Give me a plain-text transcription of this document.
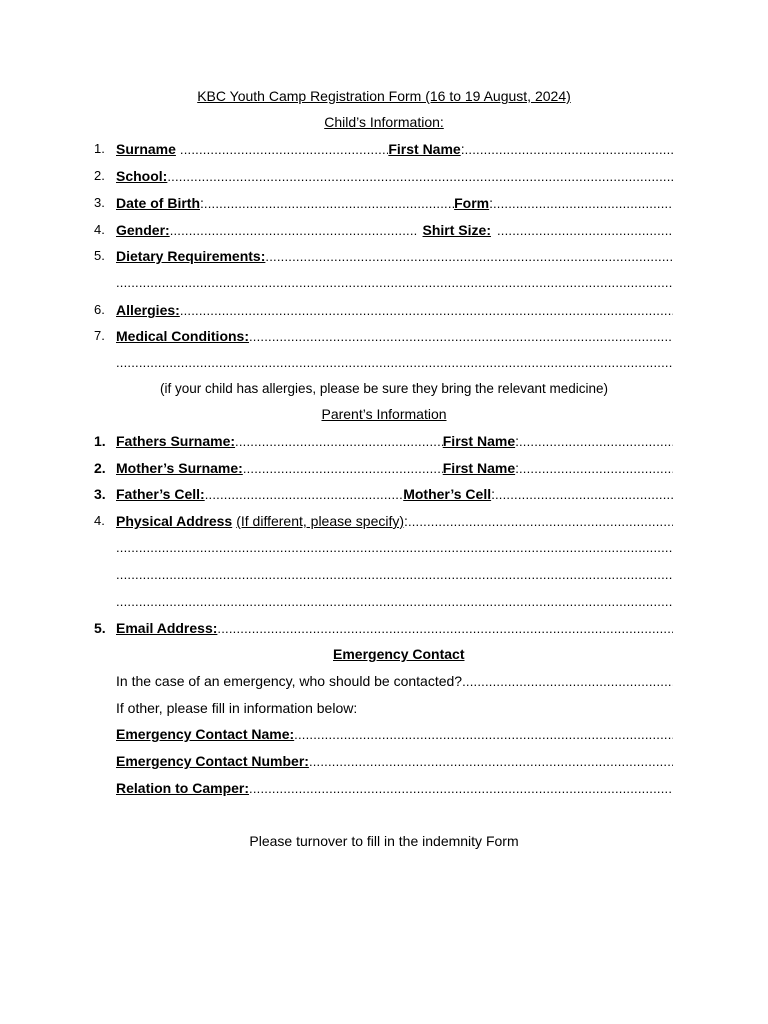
KBC Youth Camp Registration Form (16 to 19 August, 2024)
Child’s Information:
1. Surname .....	First Name :
.....
2. School:
.....
3. Date of Birth : .....	Form :
.....
4. Gender: .....	Shirt Size:
.....
5. Dietary Requirements:
.....
.....
6. Allergies:
.....
7. Medical Conditions:
.....
.....
(if your child has allergies, please be sure they bring the relevant medicine)
Parent’s Information
1. Fathers Surname: .....	First Name :
.....
2. Mother’s Surname: .....	First Name :
.....
3. Father’s Cell: .....	Mother’s Cell :
.....
4. Physical Address (If different, please specify) :
.....
.....
.....
.....
5. Email Address:
.....
Emergency Contact
In the case of an emergency, who should be contacted?
.....
If other, please fill in information below:
Emergency Contact Name:
.....
Emergency Contact Number:
.....
Relation to Camper:
.....
Please turnover to fill in the indemnity Form
